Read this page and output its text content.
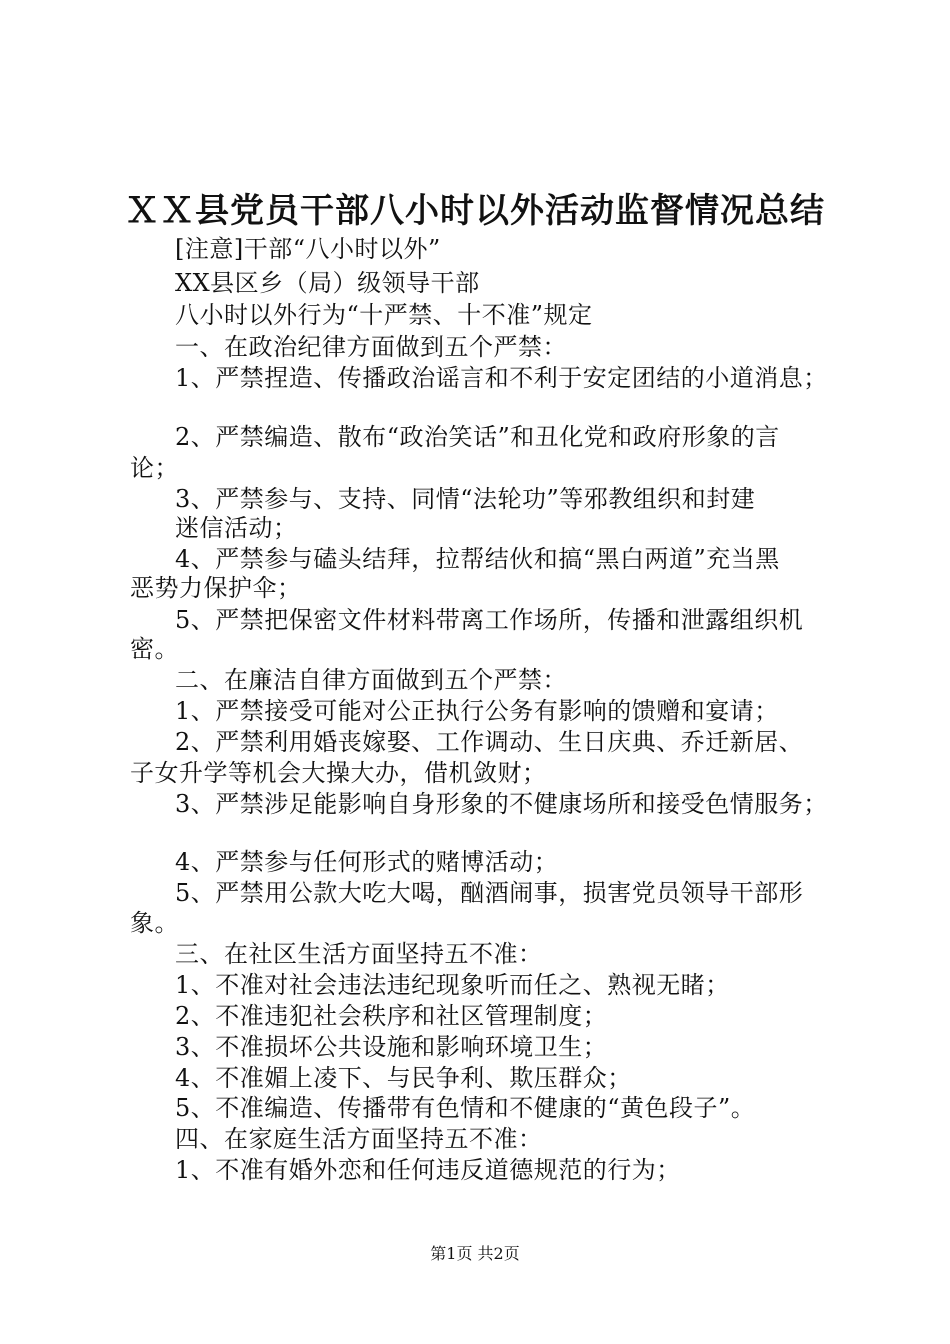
ＸＸ县党员干部八小时以外活动监督情况总结
[注意]干部“八小时以外”
XX县区乡（局）级领导干部
八小时以外行为“十严禁、十不准”规定
一、在政治纪律方面做到五个严禁：
1、严禁捏造、传播政治谣言和不利于安定团结的小道消息；
2、严禁编造、散布“政治笑话”和丑化党和政府形象的言
论；
3、严禁参与、支持、同情“法轮功”等邪教组织和封建
迷信活动；
4、严禁参与磕头结拜，拉帮结伙和搞“黑白两道”充当黑
恶势力保护伞；
5、严禁把保密文件材料带离工作场所，传播和泄露组织机
密。
二、在廉洁自律方面做到五个严禁：
1、严禁接受可能对公正执行公务有影响的馈赠和宴请；
2、严禁利用婚丧嫁娶、工作调动、生日庆典、乔迁新居、
子女升学等机会大操大办，借机敛财；
3、严禁涉足能影响自身形象的不健康场所和接受色情服务；
4、严禁参与任何形式的赌博活动；
5、严禁用公款大吃大喝，酗酒闹事，损害党员领导干部形
象。
三、在社区生活方面坚持五不准：
1、不准对社会违法违纪现象听而任之、熟视无睹；
2、不准违犯社会秩序和社区管理制度；
3、不准损坏公共设施和影响环境卫生；
4、不准媚上凌下、与民争利、欺压群众；
5、不准编造、传播带有色情和不健康的“黄色段子”。
四、在家庭生活方面坚持五不准：
1、不准有婚外恋和任何违反道德规范的行为；
第1页 共2页
